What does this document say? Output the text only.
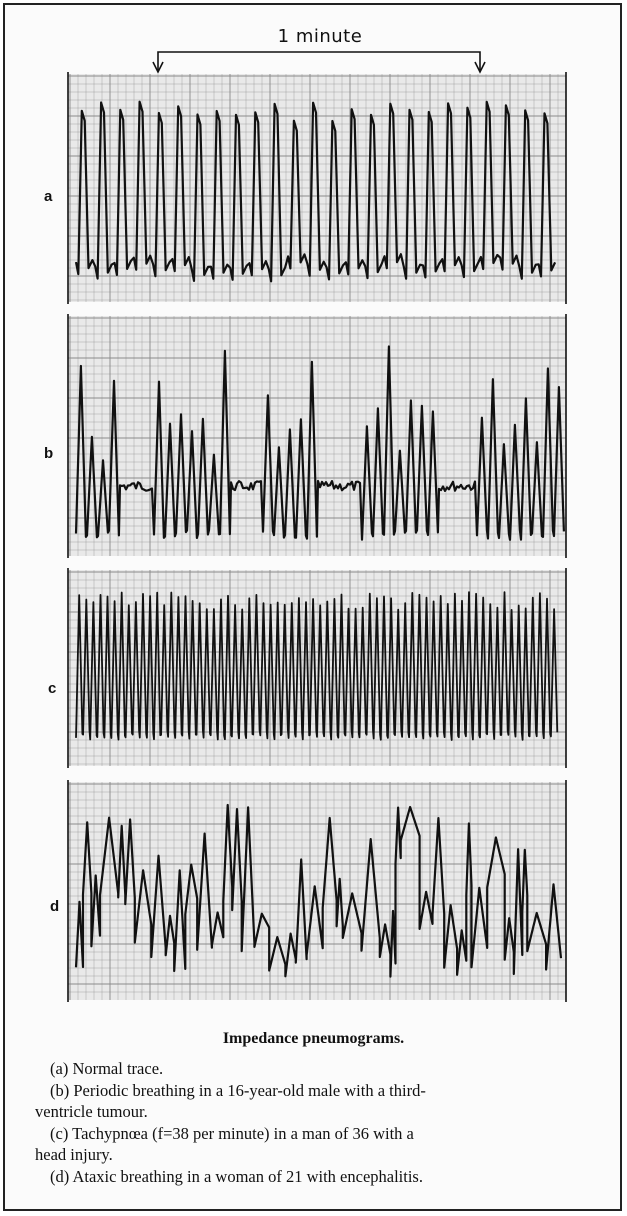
1 minute
a
b
c
d
Impedance pneumograms.
(a) Normal trace.
(b) Periodic breathing in a 16-year-old male with a third-
ventricle tumour.
(c) Tachypnœa (f=38 per minute) in a man of 36 with a
head injury.
(d) Ataxic breathing in a woman of 21 with encephalitis.
